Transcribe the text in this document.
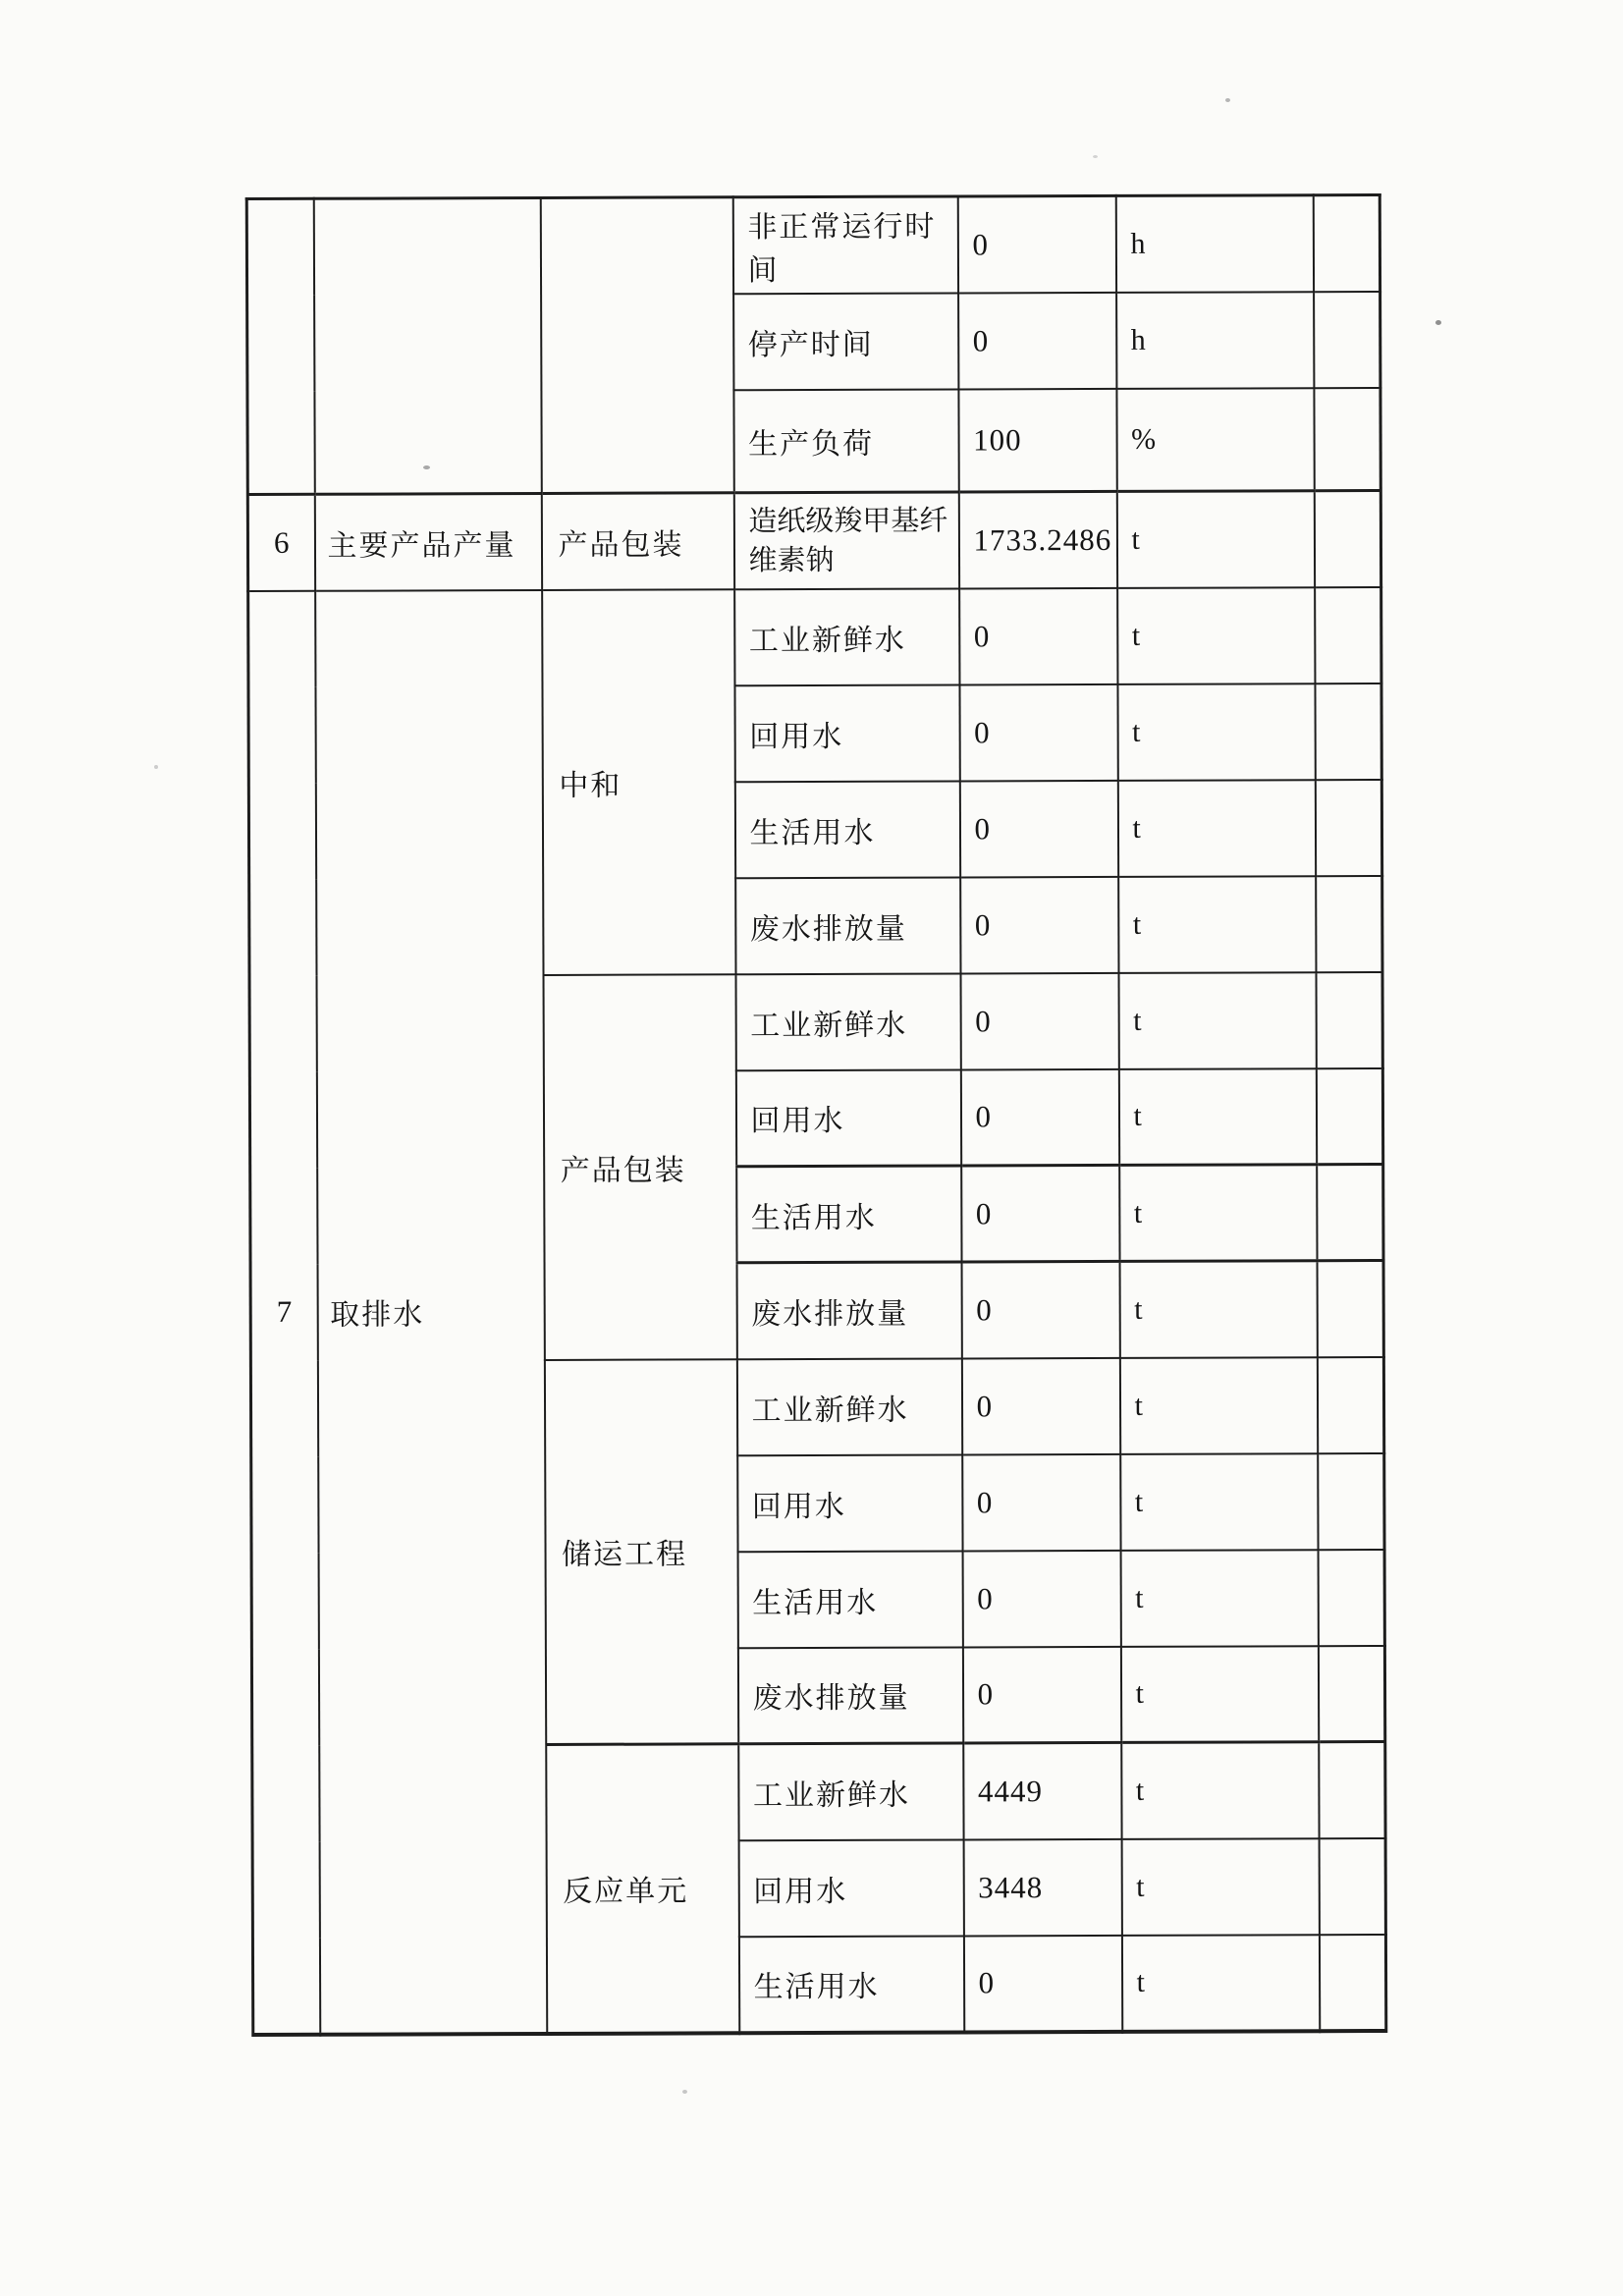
			非正常运行时间	0	h	
			停产时间	0	h	
			生产负荷	100	%	
6	主要产品产量	产品包装	造纸级羧甲基纤维素钠	1733.2486	t	
7	取排水	中和	工业新鲜水	0	t	
			回用水	0	t	
			生活用水	0	t	
			废水排放量	0	t	
		产品包装	工业新鲜水	0	t	
			回用水	0	t	
			生活用水	0	t	
			废水排放量	0	t	
		储运工程	工业新鲜水	0	t	
			回用水	0	t	
			生活用水	0	t	
			废水排放量	0	t	
		反应单元	工业新鲜水	4449	t	
			回用水	3448	t	
			生活用水	0	t	
